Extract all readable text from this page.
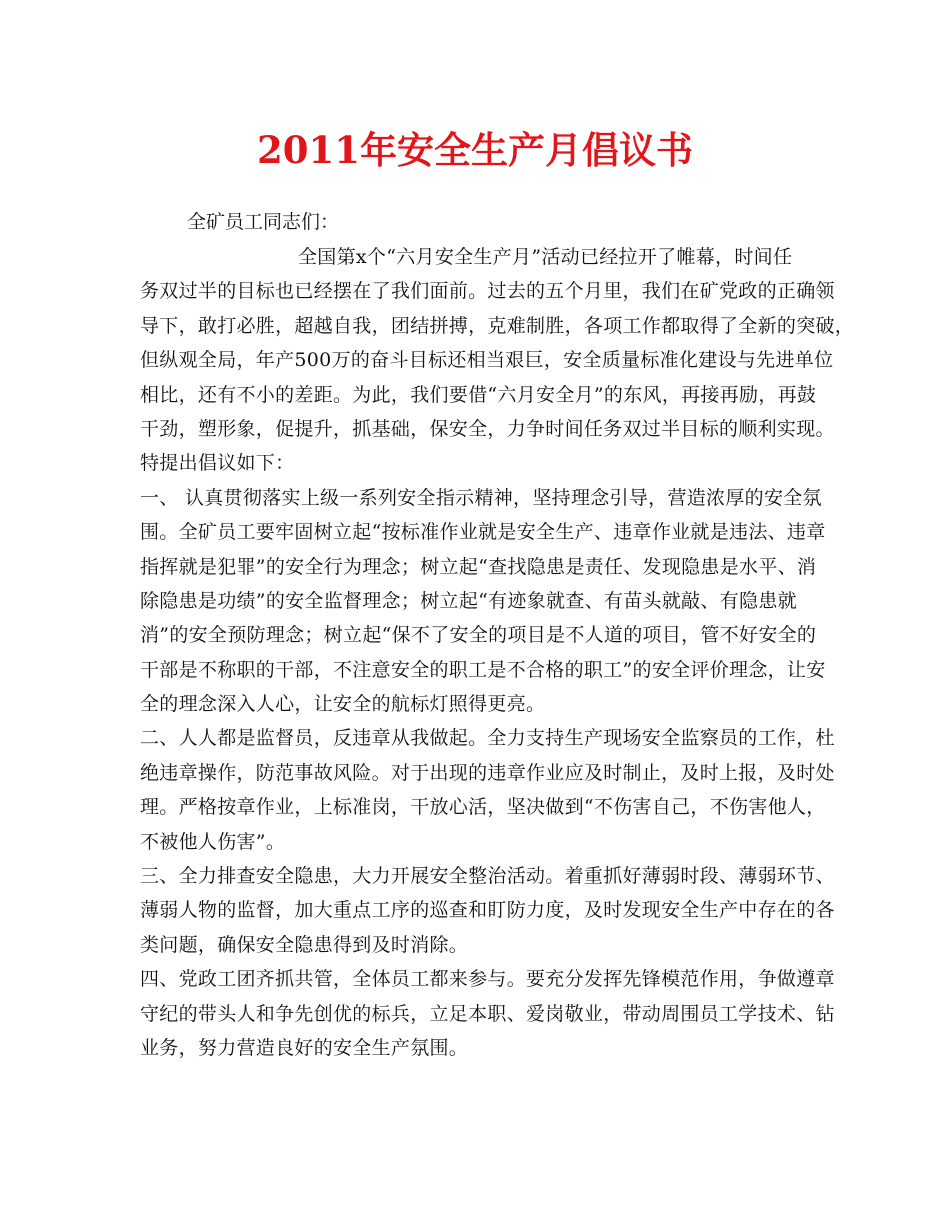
2011年安全生产月倡议书
全矿员工同志们：
全国第x个“六月安全生产月”活动已经拉开了帷幕，时间任
务双过半的目标也已经摆在了我们面前。过去的五个月里，我们在矿党政的正确领
导下，敢打必胜，超越自我，团结拼搏，克难制胜，各项工作都取得了全新的突破，
但纵观全局，年产500万的奋斗目标还相当艰巨，安全质量标准化建设与先进单位
相比，还有不小的差距。为此，我们要借“六月安全月”的东风，再接再励，再鼓
干劲，塑形象，促提升，抓基础，保安全，力争时间任务双过半目标的顺利实现。
特提出倡议如下：
一、 认真贯彻落实上级一系列安全指示精神，坚持理念引导，营造浓厚的安全氛
围。全矿员工要牢固树立起“按标准作业就是安全生产、违章作业就是违法、违章
指挥就是犯罪”的安全行为理念；树立起“查找隐患是责任、发现隐患是水平、消
除隐患是功绩”的安全监督理念；树立起“有迹象就查、有苗头就敲、有隐患就
消”的安全预防理念；树立起“保不了安全的项目是不人道的项目，管不好安全的
干部是不称职的干部，不注意安全的职工是不合格的职工”的安全评价理念，让安
全的理念深入人心，让安全的航标灯照得更亮。
二、人人都是监督员，反违章从我做起。全力支持生产现场安全监察员的工作，杜
绝违章操作，防范事故风险。对于出现的违章作业应及时制止，及时上报，及时处
理。严格按章作业，上标准岗，干放心活，坚决做到“不伤害自己，不伤害他人，
不被他人伤害”。
三、全力排查安全隐患，大力开展安全整治活动。着重抓好薄弱时段、薄弱环节、
薄弱人物的监督，加大重点工序的巡查和盯防力度，及时发现安全生产中存在的各
类问题，确保安全隐患得到及时消除。
四、党政工团齐抓共管，全体员工都来参与。要充分发挥先锋模范作用，争做遵章
守纪的带头人和争先创优的标兵，立足本职、爱岗敬业，带动周围员工学技术、钻
业务，努力营造良好的安全生产氛围。
